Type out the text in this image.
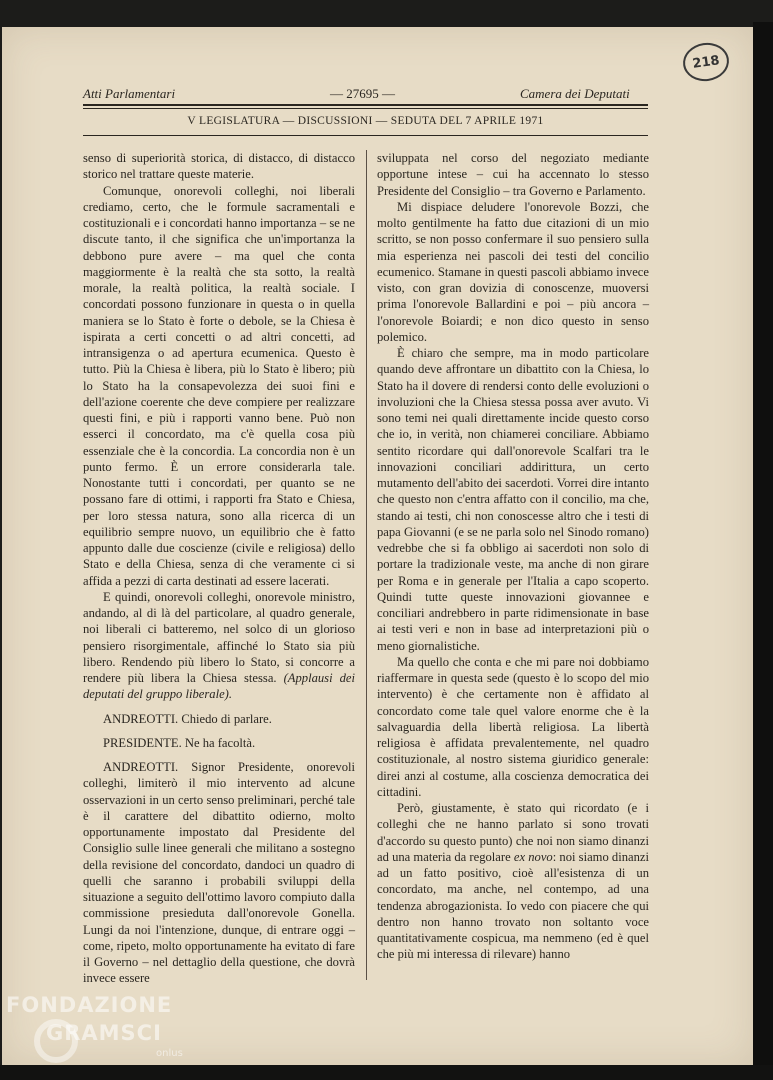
218
Atti Parlamentari	— 27695 —	Camera dei Deputati
V LEGISLATURA — DISCUSSIONI — SEDUTA DEL 7 APRILE 1971

senso di superiorità storica, di distacco, di distacco storico nel trattare queste materie.

Comunque, onorevoli colleghi, noi liberali crediamo, certo, che le formule sacramentali e costituzionali e i concordati hanno importanza – se ne discute tanto, il che significa che un'importanza la debbono pure avere – ma quel che conta maggiormente è la realtà che sta sotto, la realtà morale, la realtà politica, la realtà sociale. I concordati possono funzionare in questa o in quella maniera se lo Stato è forte o debole, se la Chiesa è ispirata a certi concetti o ad altri concetti, ad intransigenza o ad apertura ecumenica. Questo è tutto. Più la Chiesa è libera, più lo Stato è libero; più lo Stato ha la consapevolezza dei suoi fini e dell'azione coerente che deve compiere per realizzare questi fini, e più i rapporti vanno bene. Può non esserci il concordato, ma c'è quella cosa più essenziale che è la concordia. La concordia non è un punto fermo. È un errore considerarla tale. Nonostante tutti i concordati, per quanto se ne possano fare di ottimi, i rapporti fra Stato e Chiesa, per loro stessa natura, sono alla ricerca di un equilibrio sempre nuovo, un equilibrio che è fatto appunto dalle due coscienze (civile e religiosa) dello Stato e della Chiesa, senza di che veramente ci si affida a pezzi di carta destinati ad essere lacerati.

E quindi, onorevoli colleghi, onorevole ministro, andando, al di là del particolare, al quadro generale, noi liberali ci batteremo, nel solco di un glorioso pensiero risorgimentale, affinché lo Stato sia più libero. Rendendo più libero lo Stato, si concorre a rendere più libera la Chiesa stessa. (Applausi dei deputati del gruppo liberale).

ANDREOTTI. Chiedo di parlare.

PRESIDENTE. Ne ha facoltà.

ANDREOTTI. Signor Presidente, onorevoli colleghi, limiterò il mio intervento ad alcune osservazioni in un certo senso preliminari, perché tale è il carattere del dibattito odierno, molto opportunamente impostato dal Presidente del Consiglio sulle linee generali che militano a sostegno della revisione del concordato, dandoci un quadro di quelli che saranno i probabili sviluppi della situazione a seguito dell'ottimo lavoro compiuto dalla commissione presieduta dall'onorevole Gonella. Lungi da noi l'intenzione, dunque, di entrare oggi – come, ripeto, molto opportunamente ha evitato di fare il Governo – nel dettaglio della questione, che dovrà invece essere

sviluppata nel corso del negoziato mediante opportune intese – cui ha accennato lo stesso Presidente del Consiglio – tra Governo e Parlamento.

Mi dispiace deludere l'onorevole Bozzi, che molto gentilmente ha fatto due citazioni di un mio scritto, se non posso confermare il suo pensiero sulla mia esperienza nei pascoli dei testi del concilio ecumenico. Stamane in questi pascoli abbiamo invece visto, con gran dovizia di conoscenze, muoversi prima l'onorevole Ballardini e poi – più ancora – l'onorevole Boiardi; e non dico questo in senso polemico.

È chiaro che sempre, ma in modo particolare quando deve affrontare un dibattito con la Chiesa, lo Stato ha il dovere di rendersi conto delle evoluzioni o involuzioni che la Chiesa stessa possa aver avuto. Vi sono temi nei quali direttamente incide questo corso che io, in verità, non chiamerei conciliare. Abbiamo sentito ricordare qui dall'onorevole Scalfari tra le innovazioni conciliari addirittura, un certo mutamento dell'abito dei sacerdoti. Vorrei dire intanto che questo non c'entra affatto con il concilio, ma che, stando ai testi, chi non conoscesse altro che i testi di papa Giovanni (e se ne parla solo nel Sinodo romano) vedrebbe che si fa obbligo ai sacerdoti non solo di portare la tradizionale veste, ma anche di non girare per Roma e in generale per l'Italia a capo scoperto. Quindi tutte queste innovazioni giovannee e conciliari andrebbero in parte ridimensionate in base ai testi veri e non in base ad interpretazioni più o meno giornalistiche.

Ma quello che conta e che mi pare noi dobbiamo riaffermare in questa sede (questo è lo scopo del mio intervento) è che certamente non è affidato al concordato come tale quel valore enorme che è la salvaguardia della libertà religiosa. La libertà religiosa è affidata prevalentemente, nel quadro costituzionale, al nostro sistema giuridico generale: direi anzi al costume, alla coscienza democratica dei cittadini.

Però, giustamente, è stato qui ricordato (e i colleghi che ne hanno parlato si sono trovati d'accordo su questo punto) che noi non siamo dinanzi ad una materia da regolare ex novo: noi siamo dinanzi ad un fatto positivo, cioè all'esistenza di un concordato, ma anche, nel contempo, ad una tendenza abrogazionista. Io vedo con piacere che qui dentro non hanno trovato non soltanto voce quantitativamente cospicua, ma nemmeno (ed è quel che più mi interessa di rilevare) hanno

FONDAZIONE
GRAMSCI
onlus
